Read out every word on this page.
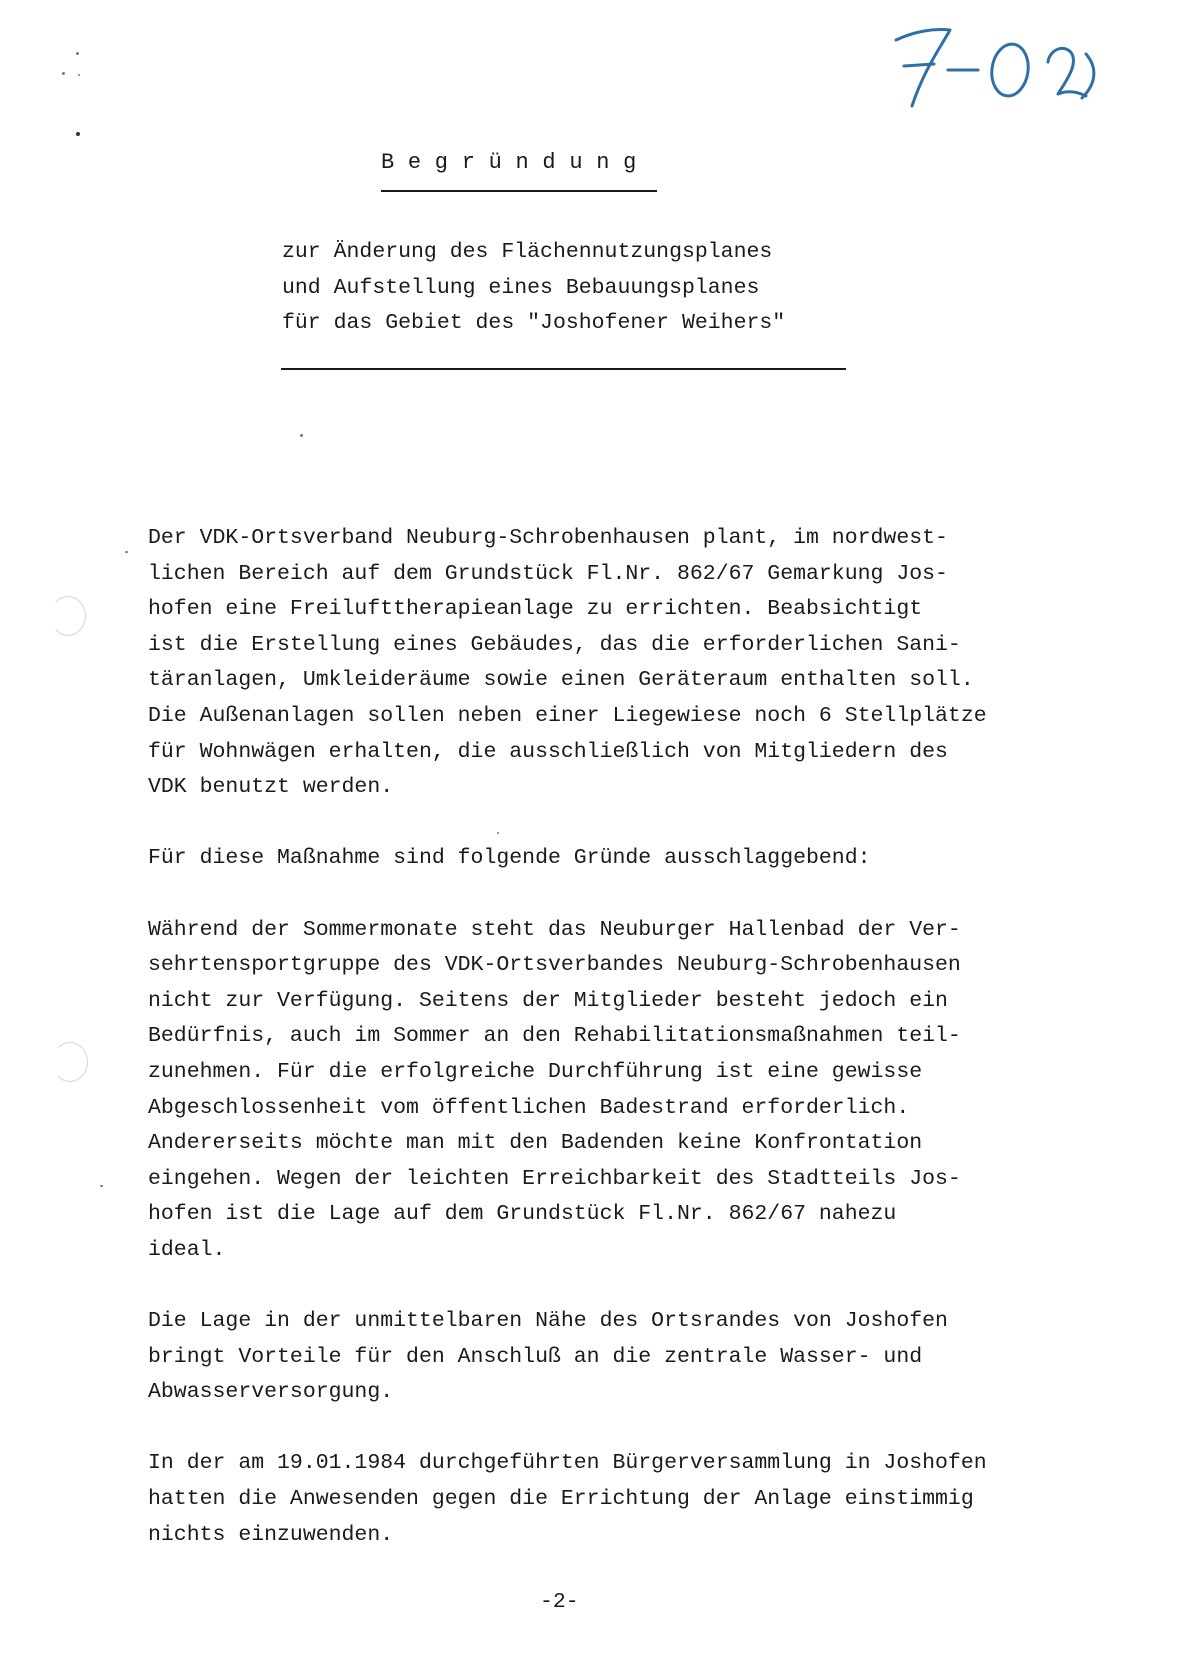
Begründung
zur Änderung des Flächennutzungsplanes
und Aufstellung eines Bebauungsplanes
für das Gebiet des "Joshofener Weihers"

Der VDK-Ortsverband Neuburg-Schrobenhausen plant, im nordwest-
lichen Bereich auf dem Grundstück Fl.Nr. 862/67 Gemarkung Jos-
hofen eine Freilufttherapieanlage zu errichten. Beabsichtigt
ist die Erstellung eines Gebäudes, das die erforderlichen Sani-
täranlagen, Umkleideräume sowie einen Geräteraum enthalten soll.
Die Außenanlagen sollen neben einer Liegewiese noch 6 Stellplätze
für Wohnwägen erhalten, die ausschließlich von Mitgliedern des
VDK benutzt werden.

Für diese Maßnahme sind folgende Gründe ausschlaggebend:

Während der Sommermonate steht das Neuburger Hallenbad der Ver-
sehrtensportgruppe des VDK-Ortsverbandes Neuburg-Schrobenhausen
nicht zur Verfügung. Seitens der Mitglieder besteht jedoch ein
Bedürfnis, auch im Sommer an den Rehabilitationsmaßnahmen teil-
zunehmen. Für die erfolgreiche Durchführung ist eine gewisse
Abgeschlossenheit vom öffentlichen Badestrand erforderlich.
Andererseits möchte man mit den Badenden keine Konfrontation
eingehen. Wegen der leichten Erreichbarkeit des Stadtteils Jos-
hofen ist die Lage auf dem Grundstück Fl.Nr. 862/67 nahezu
ideal.

Die Lage in der unmittelbaren Nähe des Ortsrandes von Joshofen
bringt Vorteile für den Anschluß an die zentrale Wasser- und
Abwasserversorgung.

In der am 19.01.1984 durchgeführten Bürgerversammlung in Joshofen
hatten die Anwesenden gegen die Errichtung der Anlage einstimmig
nichts einzuwenden.

-2-
